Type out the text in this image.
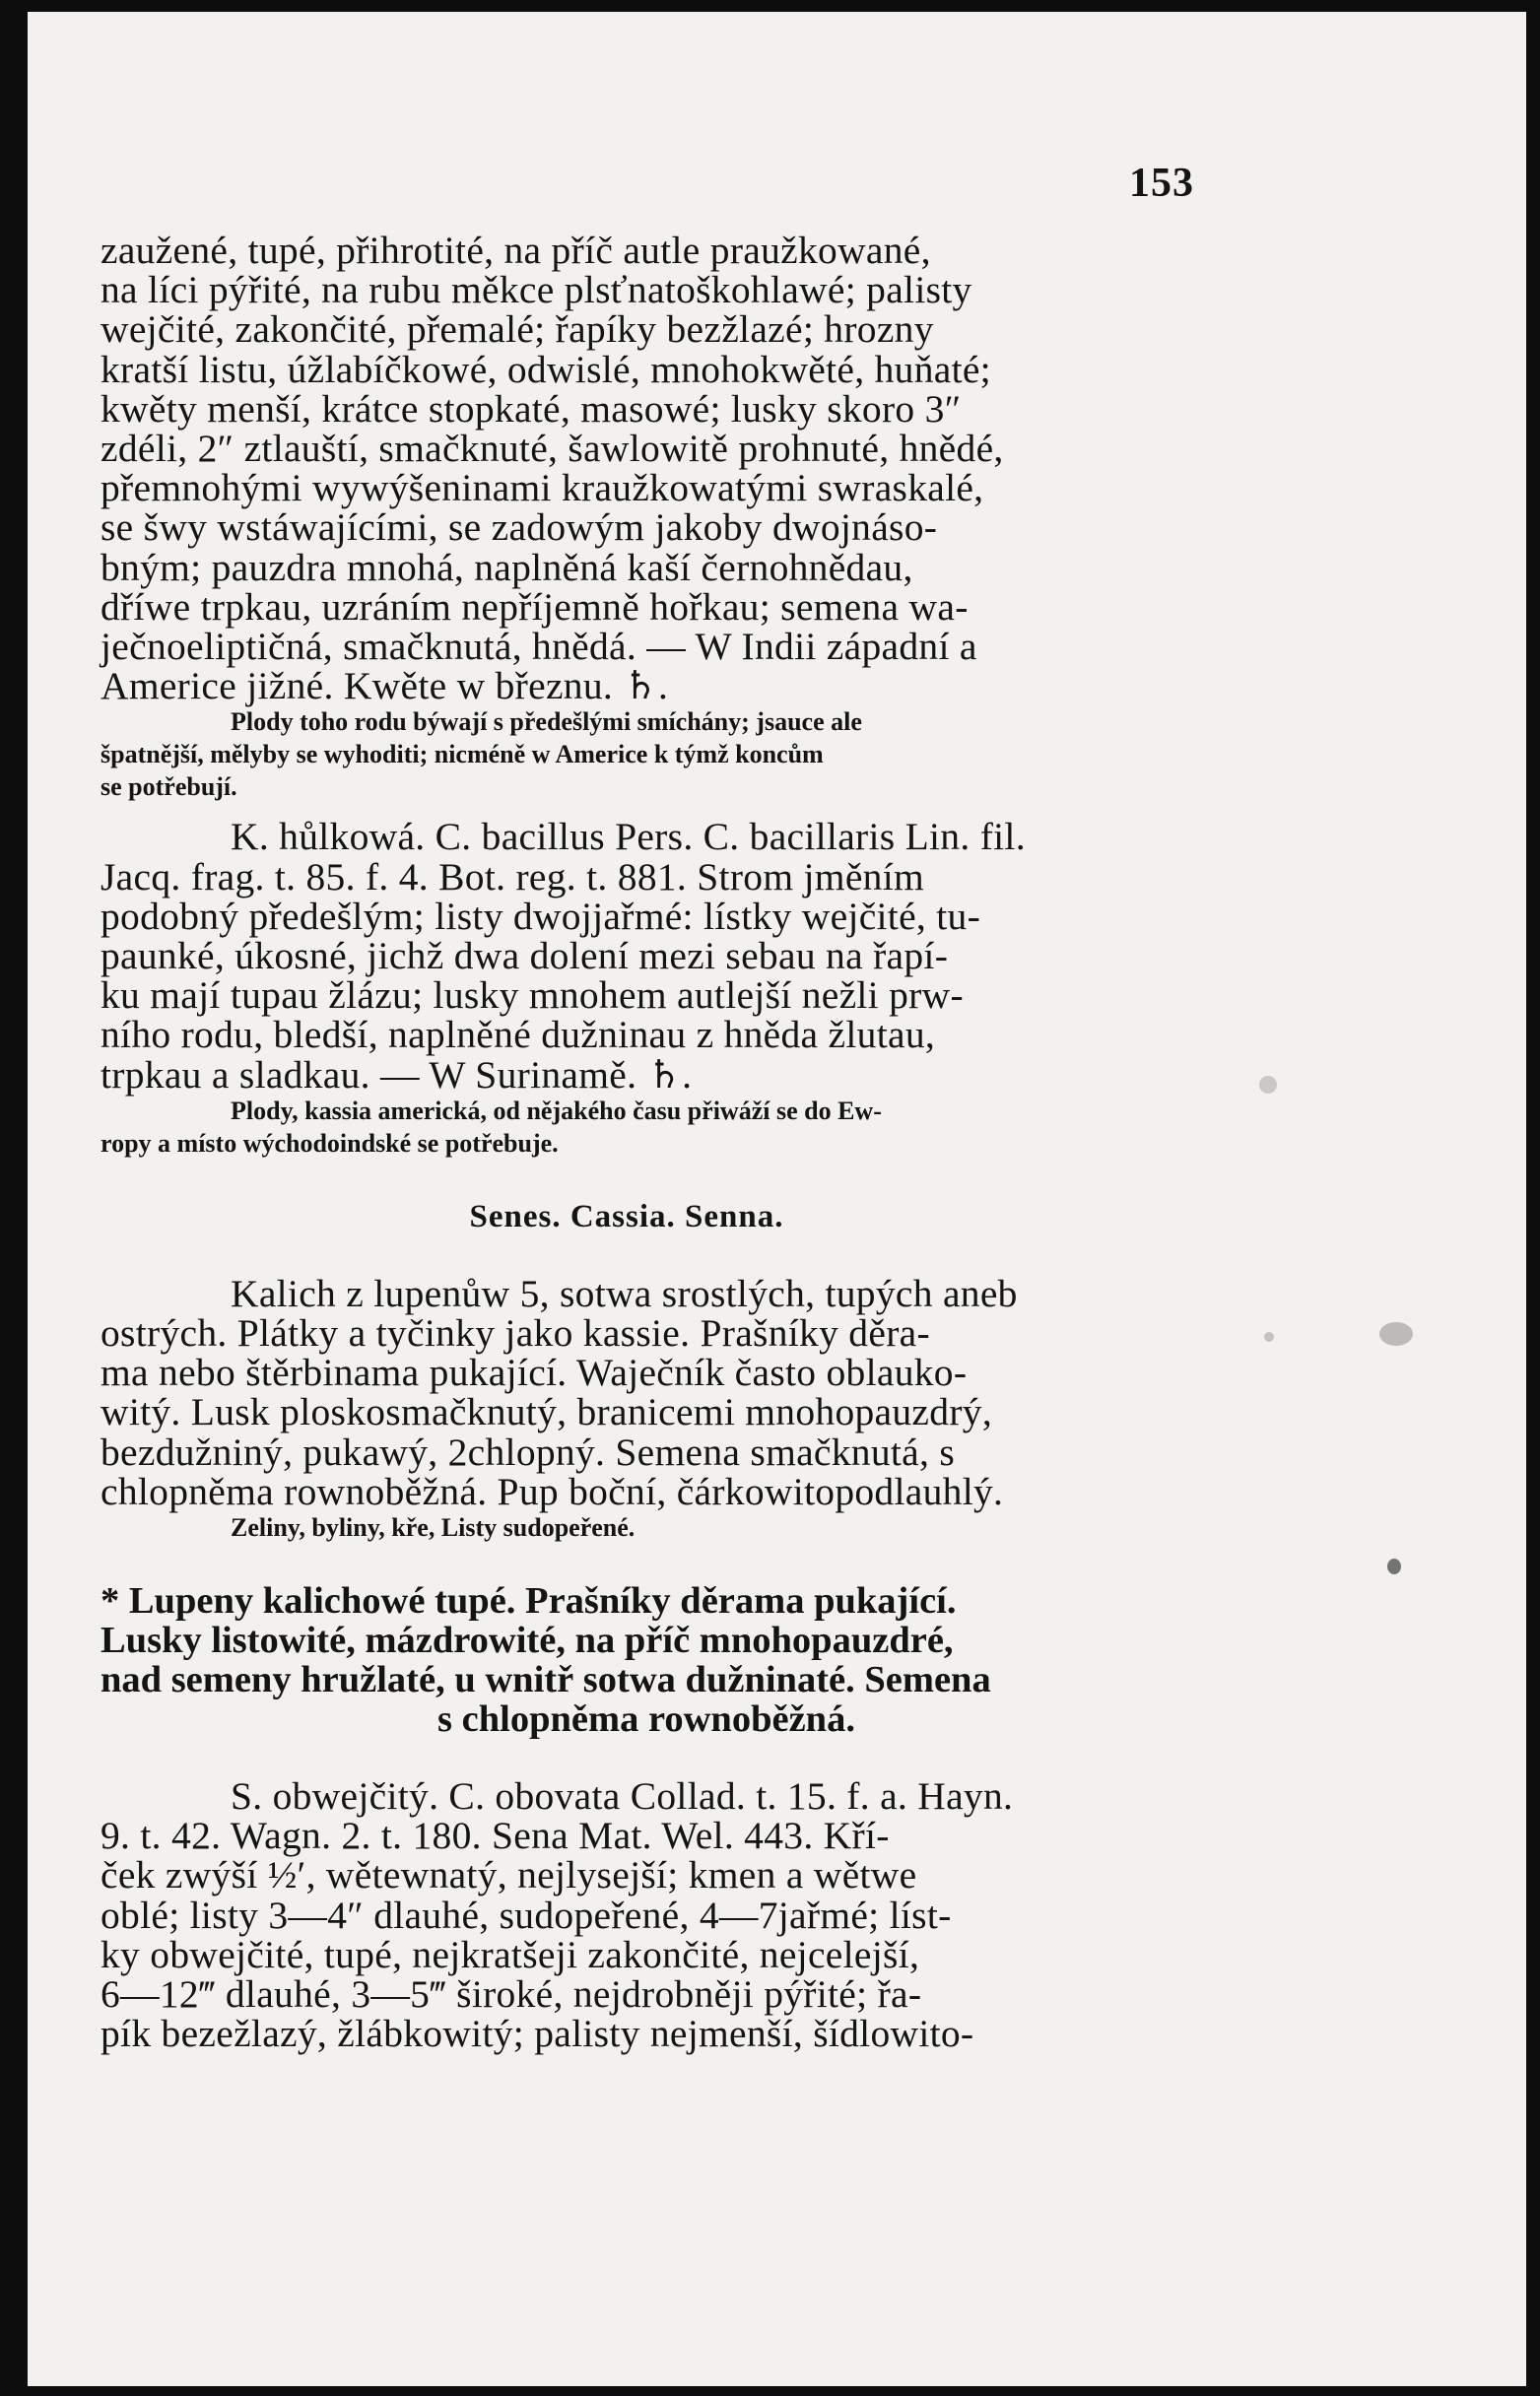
153
zaužené, tupé, přihrotité, na příč autle praužkowané,
na líci pýřité, na rubu měkce plsťnatoškohlawé; palisty
wejčité, zakončité, přemalé; řapíky bezžlazé; hrozny
kratší listu, úžlabíčkowé, odwislé, mnohokwěté, huňaté;
kwěty menší, krátce stopkaté, masowé; lusky skoro 3″
zdéli, 2″ ztlauští, smačknuté, šawlowitě prohnuté, hnědé,
přemnohými wywýšeninami kraužkowatými swraskalé,
se šwy wstáwajícími, se zadowým jakoby dwojnáso-
bným; pauzdra mnohá, naplněná kaší černohnědau,
dříwe trpkau, uzráním nepříjemně hořkau; semena wa-
ječnoeliptičná, smačknutá, hnědá. — W Indii západní a
Americe jižné. Kwěte w březnu. ♄.
Plody toho rodu býwají s předešlými smíchány; jsauce ale
špatnější, mělyby se wyhoditi; nicméně w Americe k týmž koncům
se potřebují.
K. hůlkowá. C. bacillus Pers. C. bacillaris Lin. fil.
Jacq. frag. t. 85. f. 4. Bot. reg. t. 881. Strom jměním
podobný předešlým; listy dwojjařmé: lístky wejčité, tu-
paunké, úkosné, jichž dwa dolení mezi sebau na řapí-
ku mají tupau žlázu; lusky mnohem autlejší nežli prw-
ního rodu, bledší, naplněné dužninau z hněda žlutau,
trpkau a sladkau. — W Surinamě. ♄.
Plody, kassia americká, od nějakého času přiwáží se do Ew-
ropy a místo wýchodoindské se potřebuje.
Senes. Cassia. Senna.
Kalich z lupenůw 5, sotwa srostlých, tupých aneb
ostrých. Plátky a tyčinky jako kassie. Prašníky děra-
ma nebo štěrbinama pukající. Waječník často oblauko-
witý. Lusk ploskosmačknutý, branicemi mnohopauzdrý,
bezdužniný, pukawý, 2chlopný. Semena smačknutá, s
chlopněma rownoběžná. Pup boční, čárkowitopodlauhlý.
Zeliny, byliny, kře, Listy sudopeřené.
* Lupeny kalichowé tupé. Prašníky děrama pukající.
Lusky listowité, mázdrowité, na příč mnohopauzdré,
nad semeny hružlaté, u wnitř sotwa dužninaté. Semena
s chlopněma rownoběžná.
S. obwejčitý. C. obovata Collad. t. 15. f. a. Hayn.
9. t. 42. Wagn. 2. t. 180. Sena Mat. Wel. 443. Kří-
ček zwýší ½′, wětewnatý, nejlysejší; kmen a wětwe
oblé; listy 3—4″ dlauhé, sudopeřené, 4—7jařmé; líst-
ky obwejčité, tupé, nejkratšeji zakončité, nejcelejší,
6—12‴ dlauhé, 3—5‴ široké, nejdrobněji pýřité; řa-
pík bezežlazý, žlábkowitý; palisty nejmenší, šídlowito-
